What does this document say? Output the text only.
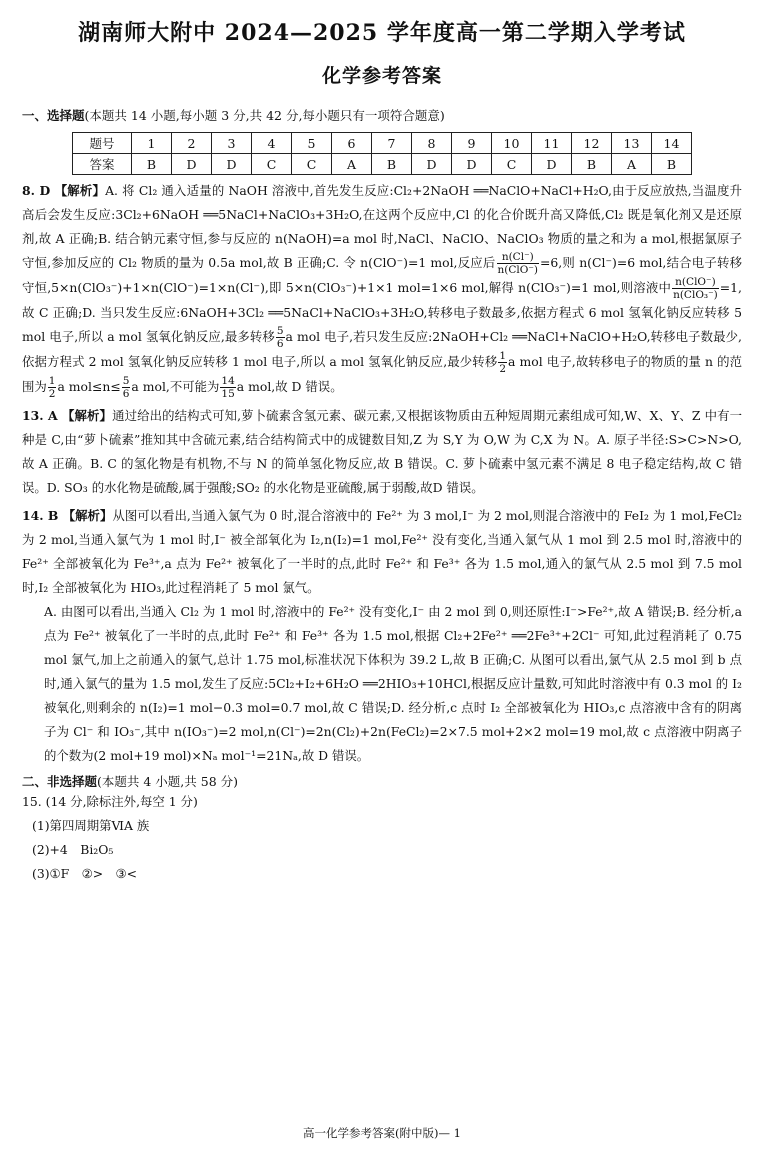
湖南师大附中 2024—2025 学年度高一第二学期入学考试
化学参考答案
一、选择题(本题共 14 小题,每小题 3 分,共 42 分,每小题只有一项符合题意)
题号	1	2	3	4	5	6	7	8	9	10	11	12	13	14
答案	B	D	D	C	C	A	B	D	D	C	D	B	A	B

8. D 【解析】A. 将 Cl₂ 通入适量的 NaOH 溶液中,首先发生反应:Cl₂+2NaOH ══NaClO+NaCl+H₂O,由于反应放热,当温度升高后会发生反应:3Cl₂+6NaOH ══5NaCl+NaClO₃+3H₂O,在这两个反应中,Cl 的化合价既升高又降低,Cl₂ 既是氧化剂又是还原剂,故 A 正确;B. 结合钠元素守恒,参与反应的 n(NaOH)=a mol 时,NaCl、NaClO、NaClO₃ 物质的量之和为 a mol,根据氯原子守恒,参加反应的 Cl₂ 物质的量为 0.5a mol,故 B 正确;C. 令 n(ClO⁻)=1 mol,反应后 $\frac{n(Cl^-)}{\text{n(ClO⁻)}} =6$,则 n(Cl⁻)=6 mol,结合电子转移守恒,5×n(ClO₃⁻)+1×n(ClO⁻)=1×n(Cl⁻),即 5×n(ClO₃⁻)+1×1 mol=1×6 mol,解得 n(ClO₃⁻)=1 mol,则溶液中 $\frac{\text{n(ClO⁻)}}{\text{n(ClO₃⁻)}} =1$,故 C 正确;D. 当只发生反应:6NaOH+3Cl₂ ══5NaCl+NaClO₃+3H₂O,转移电子数最多,依据方程式 6 mol 氢氧化钠反应转移 5 mol 电子,所以 a mol 氢氧化钠反应,最多转移 $\frac{5}{6}$ a mol 电子,若只发生反应:2NaOH+Cl₂ ══NaCl+NaClO+H₂O,转移电子数最少,依据方程式 2 mol 氢氧化钠反应转移 1 mol 电子,所以 a mol 氢氧化钠反应,最少转移 $\frac{1}{2}$ a mol 电子,故转移电子的物质的量 n 的范围为 $\frac{1}{2}$ a $mol\le n\le \frac{5}{6}$ a mol,不可能为 $\frac{14}{15}$ a mol,故 D 错误。

13. A 【解析】通过给出的结构式可知,萝卜硫素含氢元素、碳元素,又根据该物质由五种短周期元素组成可知,W、X、Y、Z 中有一种是 C,由“萝卜硫素”推知其中含硫元素,结合结构简式中的成键数目知,Z 为 S,Y 为 O,W 为 C,X 为 N。A. 原子半径:S>C>N>O,故 A 正确。B. C 的氢化物是有机物,不与 N 的简单氢化物反应,故 B 错误。C. 萝卜硫素中氢元素不满足 8 电子稳定结构,故 C 错误。D. SO₃ 的水化物是硫酸,属于强酸;SO₂ 的水化物是亚硫酸,属于弱酸,故D 错误。

14. B 【解析】从图可以看出,当通入氯气为 0 时,混合溶液中的 Fe²⁺ 为 3 mol,I⁻ 为 2 mol,则混合溶液中的 FeI₂ 为 1 mol,FeCl₂ 为 2 mol,当通入氯气为 1 mol 时,I⁻ 被全部氧化为 I₂,n(I₂)=1 mol,Fe²⁺ 没有变化,当通入氯气从 1 mol 到 2.5 mol 时,溶液中的 Fe²⁺ 全部被氧化为 Fe³⁺,a 点为 Fe²⁺ 被氧化了一半时的点,此时 Fe²⁺ 和 Fe³⁺ 各为 1.5 mol,通入的氯气从 2.5 mol 到 7.5 mol 时,I₂ 全部被氧化为 HIO₃,此过程消耗了 5 mol 氯气。

A. 由图可以看出,当通入 Cl₂ 为 1 mol 时,溶液中的 Fe²⁺ 没有变化,I⁻ 由 2 mol 到 0,则还原性:I⁻>Fe²⁺,故 A 错误;B. 经分析,a 点为 Fe²⁺ 被氧化了一半时的点,此时 Fe²⁺ 和 Fe³⁺ 各为 1.5 mol,根据 Cl₂+2Fe²⁺ ══2Fe³⁺+2Cl⁻ 可知,此过程消耗了 0.75 mol 氯气,加上之前通入的氯气,总计 1.75 mol,标准状况下体积为 39.2 L,故 B 正确;C. 从图可以看出,氯气从 2.5 mol 到 b 点时,通入氯气的量为 1.5 mol,发生了反应:5Cl₂+I₂+6H₂O ══2HIO₃+10HCl,根据反应计量数,可知此时溶液中有 0.3 mol 的 I₂ 被氧化,则剩余的 n(I₂)=1 mol−0.3 mol=0.7 mol,故 C 错误;D. 经分析,c 点时 I₂ 全部被氧化为 HIO₃,c 点溶液中含有的阴离子为 Cl⁻ 和 IO₃⁻,其中 n(IO₃⁻)=2 mol,n(Cl⁻)=2n(Cl₂)+2n(FeCl₂)=2×7.5 mol+2×2 mol=19 mol,故 c 点溶液中阴离子的个数为(2 mol+19 mol)×Nₐ mol⁻¹=21Nₐ,故 D 错误。

二、非选择题(本题共 4 小题,共 58 分)
15. (14 分,除标注外,每空 1 分)
(1)第四周期第ⅥA 族
(2)+4　Bi₂O₅
(3)①F　②>　③<
高一化学参考答案(附中版)— 1
